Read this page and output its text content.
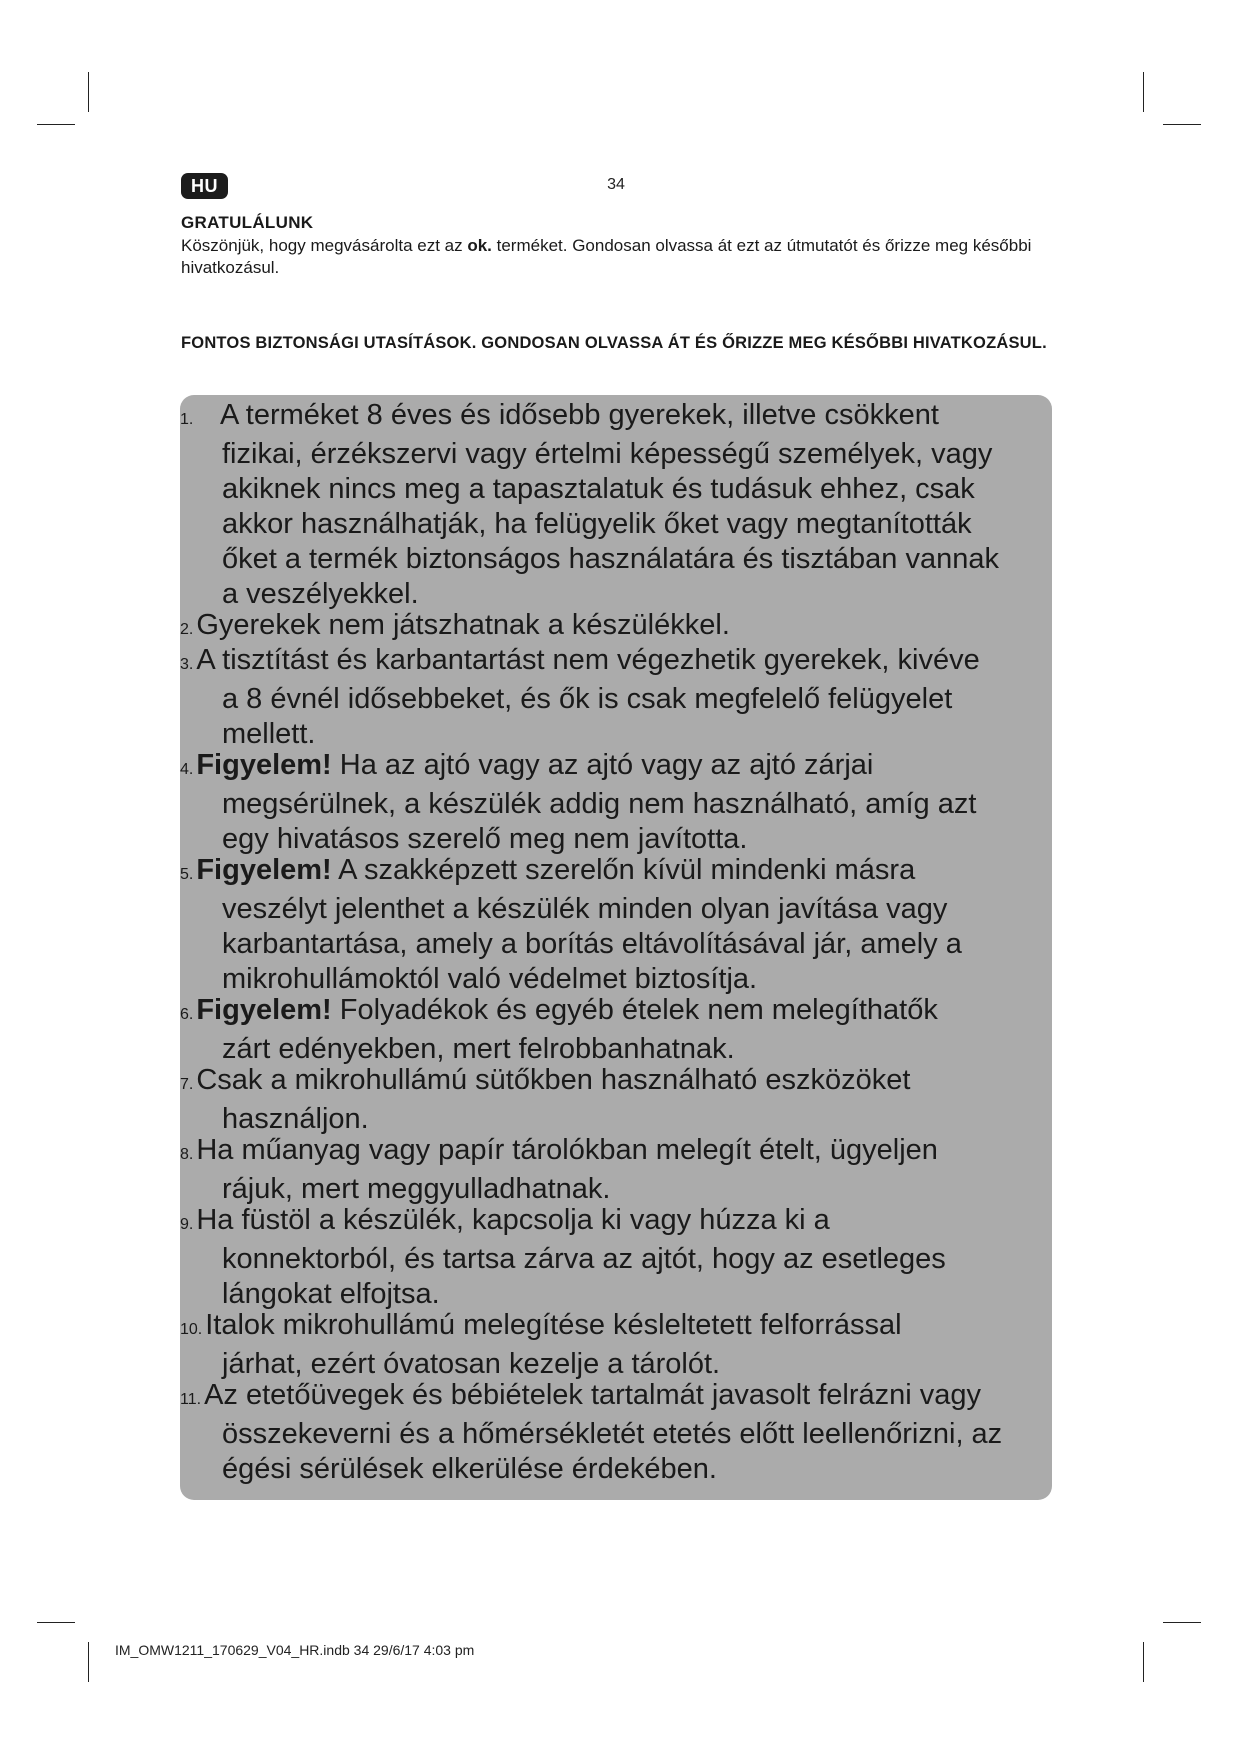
HU	34
GRATULÁLUNK
Köszönjük, hogy megvásárolta ezt az ok. terméket. Gondosan olvassa át ezt az útmutatót és őrizze meg későbbi hivatkozásul.
FONTOS BIZTONSÁGI UTASÍTÁSOK. GONDOSAN OLVASSA ÁT ÉS ŐRIZZE MEG KÉSŐBBI HIVATKOZÁSUL.
1. A terméket 8 éves és idősebb gyerekek, illetve csökkent
fizikai, érzékszervi vagy értelmi képességű személyek, vagy
akiknek nincs meg a tapasztalatuk és tudásuk ehhez, csak
akkor használhatják, ha felügyelik őket vagy megtanították
őket a termék biztonságos használatára és tisztában vannak
a veszélyekkel.
2. Gyerekek nem játszhatnak a készülékkel.
3. A tisztítást és karbantartást nem végezhetik gyerekek, kivéve
a 8 évnél idősebbeket, és ők is csak megfelelő felügyelet
mellett.
4. Figyelem! Ha az ajtó vagy az ajtó vagy az ajtó zárjai
megsérülnek, a készülék addig nem használható, amíg azt
egy hivatásos szerelő meg nem javította.
5. Figyelem! A szakképzett szerelőn kívül mindenki másra
veszélyt jelenthet a készülék minden olyan javítása vagy
karbantartása, amely a borítás eltávolításával jár, amely a
mikrohullámoktól való védelmet biztosítja.
6. Figyelem! Folyadékok és egyéb ételek nem melegíthatők
zárt edényekben, mert felrobbanhatnak.
7. Csak a mikrohullámú sütőkben használható eszközöket
használjon.
8. Ha műanyag vagy papír tárolókban melegít ételt, ügyeljen
rájuk, mert meggyulladhatnak.
9. Ha füstöl a készülék, kapcsolja ki vagy húzza ki a
konnektorból, és tartsa zárva az ajtót, hogy az esetleges
lángokat elfojtsa.
10. Italok mikrohullámú melegítése késleltetett felforrással
járhat, ezért óvatosan kezelje a tárolót.
11. Az etetőüvegek és bébiételek tartalmát javasolt felrázni vagy
összekeverni és a hőmérsékletét etetés előtt leellenőrizni, az
égési sérülések elkerülése érdekében.
IM_OMW1211_170629_V04_HR.indb 34 29/6/17 4:03 pm
